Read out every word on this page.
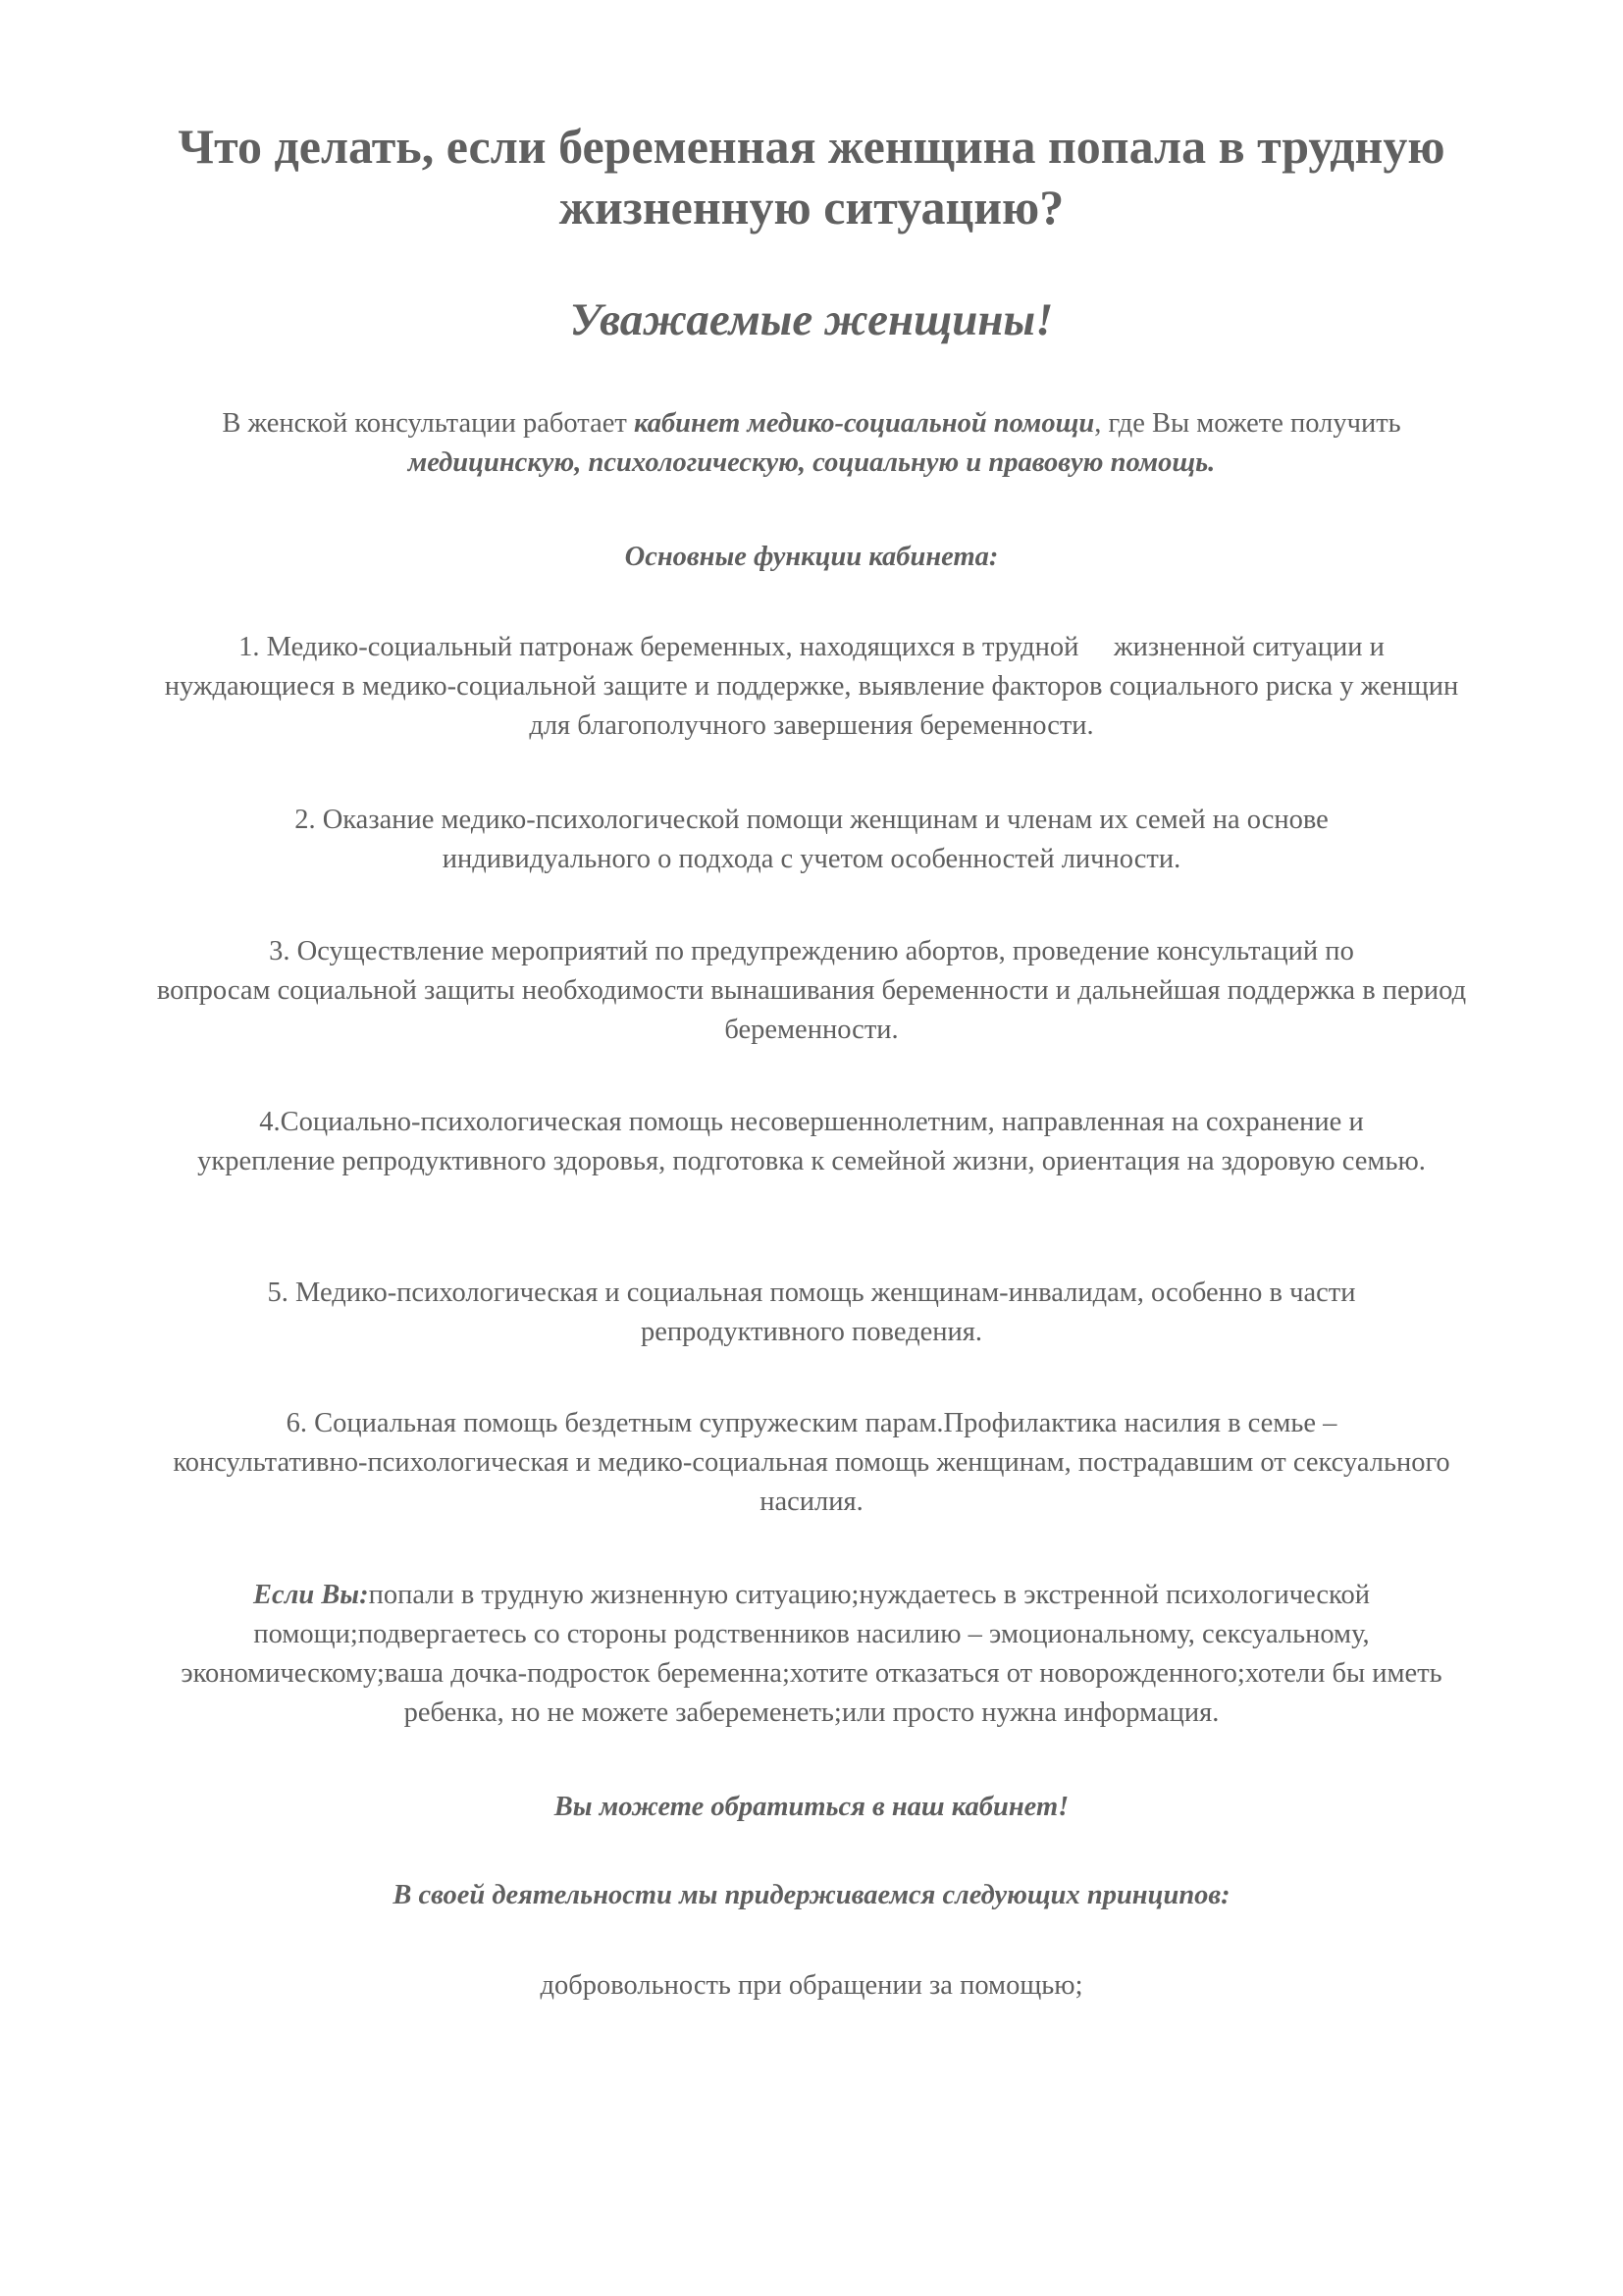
Что делать, если беременная женщина попала в трудную
жизненную ситуацию?
Уважаемые женщины!

В женской консультации работает кабинет медико-социальной помощи, где Вы можете получить медицинскую, психологическую, социальную и правовую помощь.

Основные функции кабинета:

1. Медико-социальный патронаж беременных, находящихся в трудной     жизненной ситуации и
нуждающиеся в медико-социальной защите и поддержке, выявление факторов социального риска у женщин для благополучного завершения беременности.

2. Оказание медико-психологической помощи женщинам и членам их семей на основе
индивидуального о подхода с учетом особенностей личности.

3. Осуществление мероприятий по предупреждению абортов, проведение консультаций по
вопросам социальной защиты необходимости вынашивания беременности и дальнейшая поддержка в период беременности.

4.Социально-психологическая помощь несовершеннолетним, направленная на сохранение и
укрепление репродуктивного здоровья, подготовка к семейной жизни, ориентация на здоровую семью.

5. Медико-психологическая и социальная помощь женщинам-инвалидам, особенно в части
репродуктивного поведения.

6. Социальная помощь бездетным супружеским парам.Профилактика насилия в семье –
консультативно-психологическая и медико-социальная помощь женщинам, пострадавшим от сексуального насилия.

Если Вы:попали в трудную жизненную ситуацию;нуждаетесь в экстренной психологической помощи;подвергаетесь со стороны родственников насилию – эмоциональному, сексуальному, экономическому;ваша дочка-подросток беременна;хотите отказаться от новорожденного;хотели бы иметь ребенка, но не можете забеременеть;или просто нужна информация.

Вы можете обратиться в наш кабинет!

В своей деятельности мы придерживаемся следующих принципов:

добровольность при обращении за помощью;
